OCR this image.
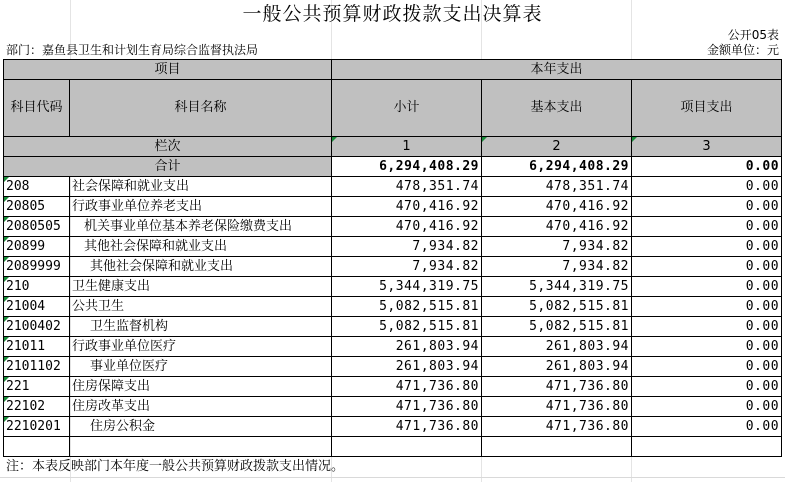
一般公共预算财政拨款支出决算表
公开05表
部门：嘉鱼县卫生和计划生育局综合监督执法局	金额单位：元
项目		本年支出		
科目代码	科目名称	小计	基本支出	项目支出
栏次		1	2	3
合计		6,294,408.29	6,294,408.29	0.00
208	社会保障和就业支出	478,351.74	478,351.74	0.00
20805	行政事业单位养老支出	470,416.92	470,416.92	0.00
2080505	机关事业单位基本养老保险缴费支出	470,416.92	470,416.92	0.00
20899	其他社会保障和就业支出	7,934.82	7,934.82	0.00
2089999	其他社会保障和就业支出	7,934.82	7,934.82	0.00
210	卫生健康支出	5,344,319.75	5,344,319.75	0.00
21004	公共卫生	5,082,515.81	5,082,515.81	0.00
2100402	卫生监督机构	5,082,515.81	5,082,515.81	0.00
21011	行政事业单位医疗	261,803.94	261,803.94	0.00
2101102	事业单位医疗	261,803.94	261,803.94	0.00
221	住房保障支出	471,736.80	471,736.80	0.00
22102	住房改革支出	471,736.80	471,736.80	0.00
2210201	住房公积金	471,736.80	471,736.80	0.00

注：本表反映部门本年度一般公共预算财政拨款支出情况。
